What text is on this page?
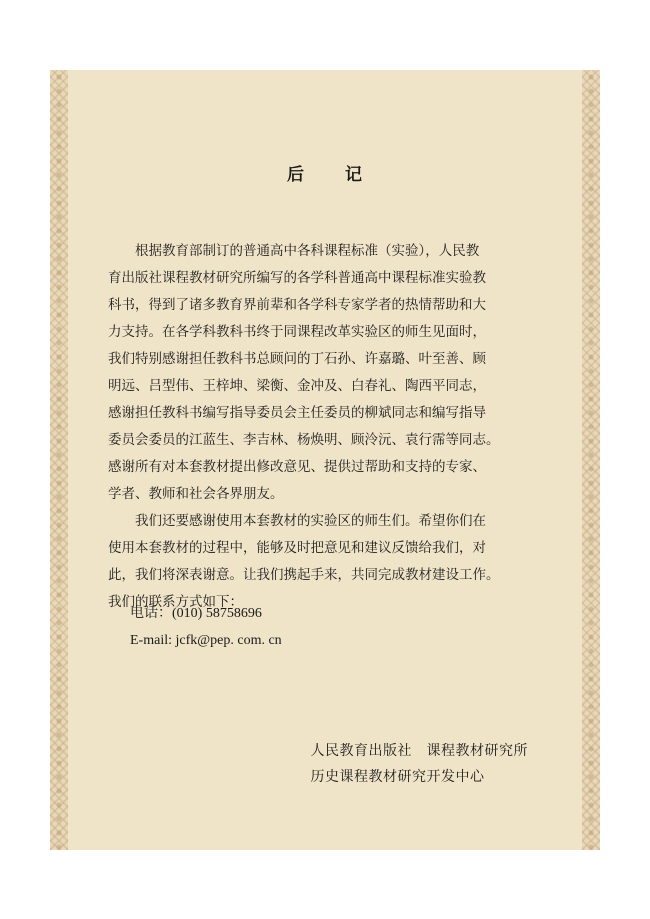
后 记
　　根据教育部制订的普通高中各科课程标准（实验），人民教
育出版社课程教材研究所编写的各学科普通高中课程标准实验教
科书，得到了诸多教育界前辈和各学科专家学者的热情帮助和大
力支持。在各学科教科书终于同课程改革实验区的师生见面时，
我们特别感谢担任教科书总顾问的丁石孙、许嘉璐、叶至善、顾
明远、吕型伟、王梓坤、梁衡、金冲及、白春礼、陶西平同志，
感谢担任教科书编写指导委员会主任委员的柳斌同志和编写指导
委员会委员的江蓝生、李吉林、杨焕明、顾泠沅、袁行霈等同志。
感谢所有对本套教材提出修改意见、提供过帮助和支持的专家、
学者、教师和社会各界朋友。
　　我们还要感谢使用本套教材的实验区的师生们。希望你们在
使用本套教材的过程中，能够及时把意见和建议反馈给我们，对
此，我们将深表谢意。让我们携起手来，共同完成教材建设工作。
我们的联系方式如下：
电话：(010) 58758696
E-mail: jcfk@pep. com. cn
人民教育出版社　课程教材研究所
历史课程教材研究开发中心
